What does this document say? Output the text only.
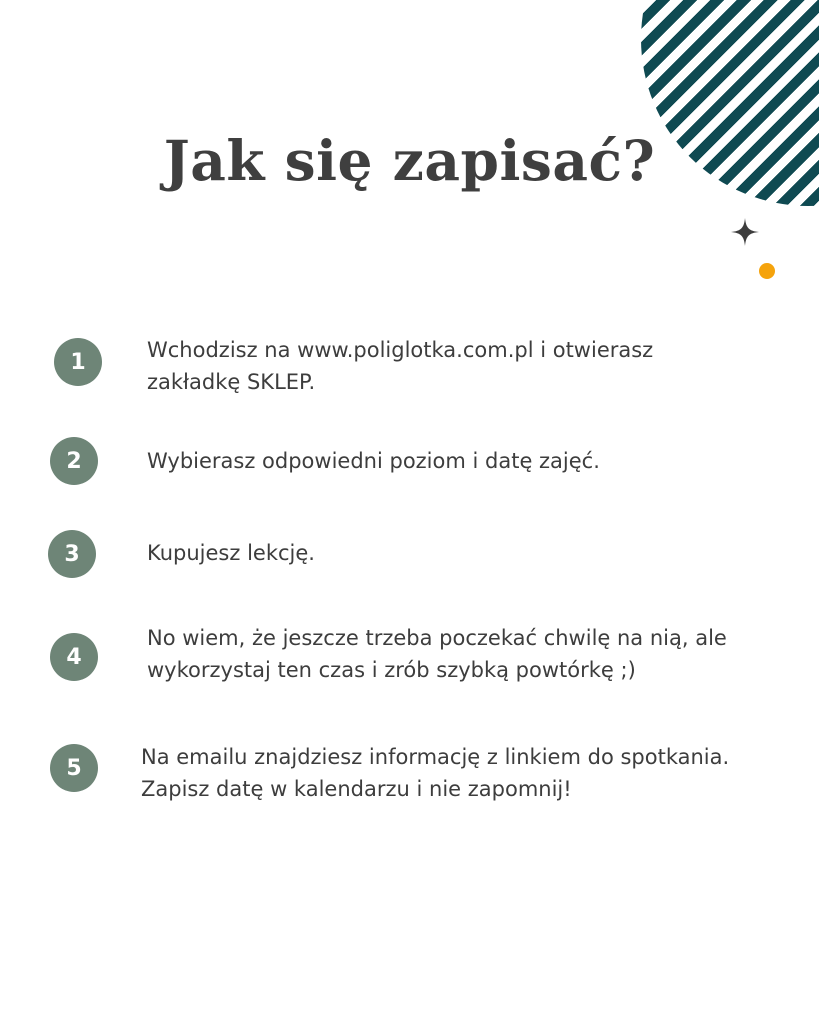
Jak się zapisać?
1	Wchodzisz na www.poliglotka.com.pl i otwierasz zakładkę SKLEP.
2	Wybierasz odpowiedni poziom i datę zajęć.
3	Kupujesz lekcję.
4
No wiem, że jeszcze trzeba poczekać chwilę na nią, ale wykorzystaj ten czas i zrób szybką powtórkę ;)
5	Na emailu znajdziesz informację z linkiem do spotkania. Zapisz datę w kalendarzu i nie zapomnij!
